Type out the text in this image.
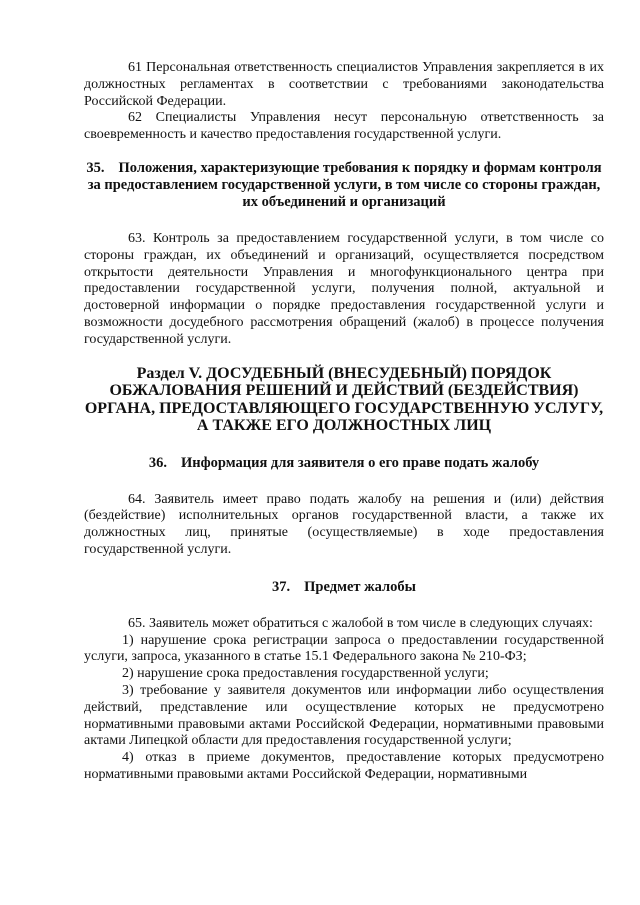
61 Персональная ответственность специалистов Управления закрепляется в их должностных регламентах в соответствии с требованиями законодательства Российской Федерации.

62 Специалисты Управления несут персональную ответственность за своевременность и качество предоставления государственной услуги.

35. Положения, характеризующие требования к порядку и формам контроля за предоставлением государственной услуги, в том числе со стороны граждан, их объединений и организаций

63. Контроль за предоставлением государственной услуги, в том числе со стороны граждан, их объединений и организаций, осуществляется посредством открытости деятельности Управления и многофункционального центра при предоставлении государственной услуги, получения полной, актуальной и достоверной информации о порядке предоставления государственной услуги и возможности досудебного рассмотрения обращений (жалоб) в процессе получения государственной услуги.

Раздел V. ДОСУДЕБНЫЙ (ВНЕСУДЕБНЫЙ) ПОРЯДОК ОБЖАЛОВАНИЯ РЕШЕНИЙ И ДЕЙСТВИЙ (БЕЗДЕЙСТВИЯ) ОРГАНА, ПРЕДОСТАВЛЯЮЩЕГО ГОСУДАРСТВЕННУЮ УСЛУГУ, А ТАКЖЕ ЕГО ДОЛЖНОСТНЫХ ЛИЦ
36. Информация для заявителя о его праве подать жалобу

64. Заявитель имеет право подать жалобу на решения и (или) действия (бездействие) исполнительных органов государственной власти, а также их должностных лиц, принятые (осуществляемые) в ходе предоставления государственной услуги.

37. Предмет жалобы

65. Заявитель может обратиться с жалобой в том числе в следующих случаях:

1) нарушение срока регистрации запроса о предоставлении государственной услуги, запроса, указанного в статье 15.1 Федерального закона № 210-ФЗ;

2) нарушение срока предоставления государственной услуги;

3) требование у заявителя документов или информации либо осуществления действий, представление или осуществление которых не предусмотрено нормативными правовыми актами Российской Федерации, нормативными правовыми актами Липецкой области для предоставления государственной услуги;

4) отказ в приеме документов, предоставление которых предусмотрено нормативными правовыми актами Российской Федерации, нормативными
